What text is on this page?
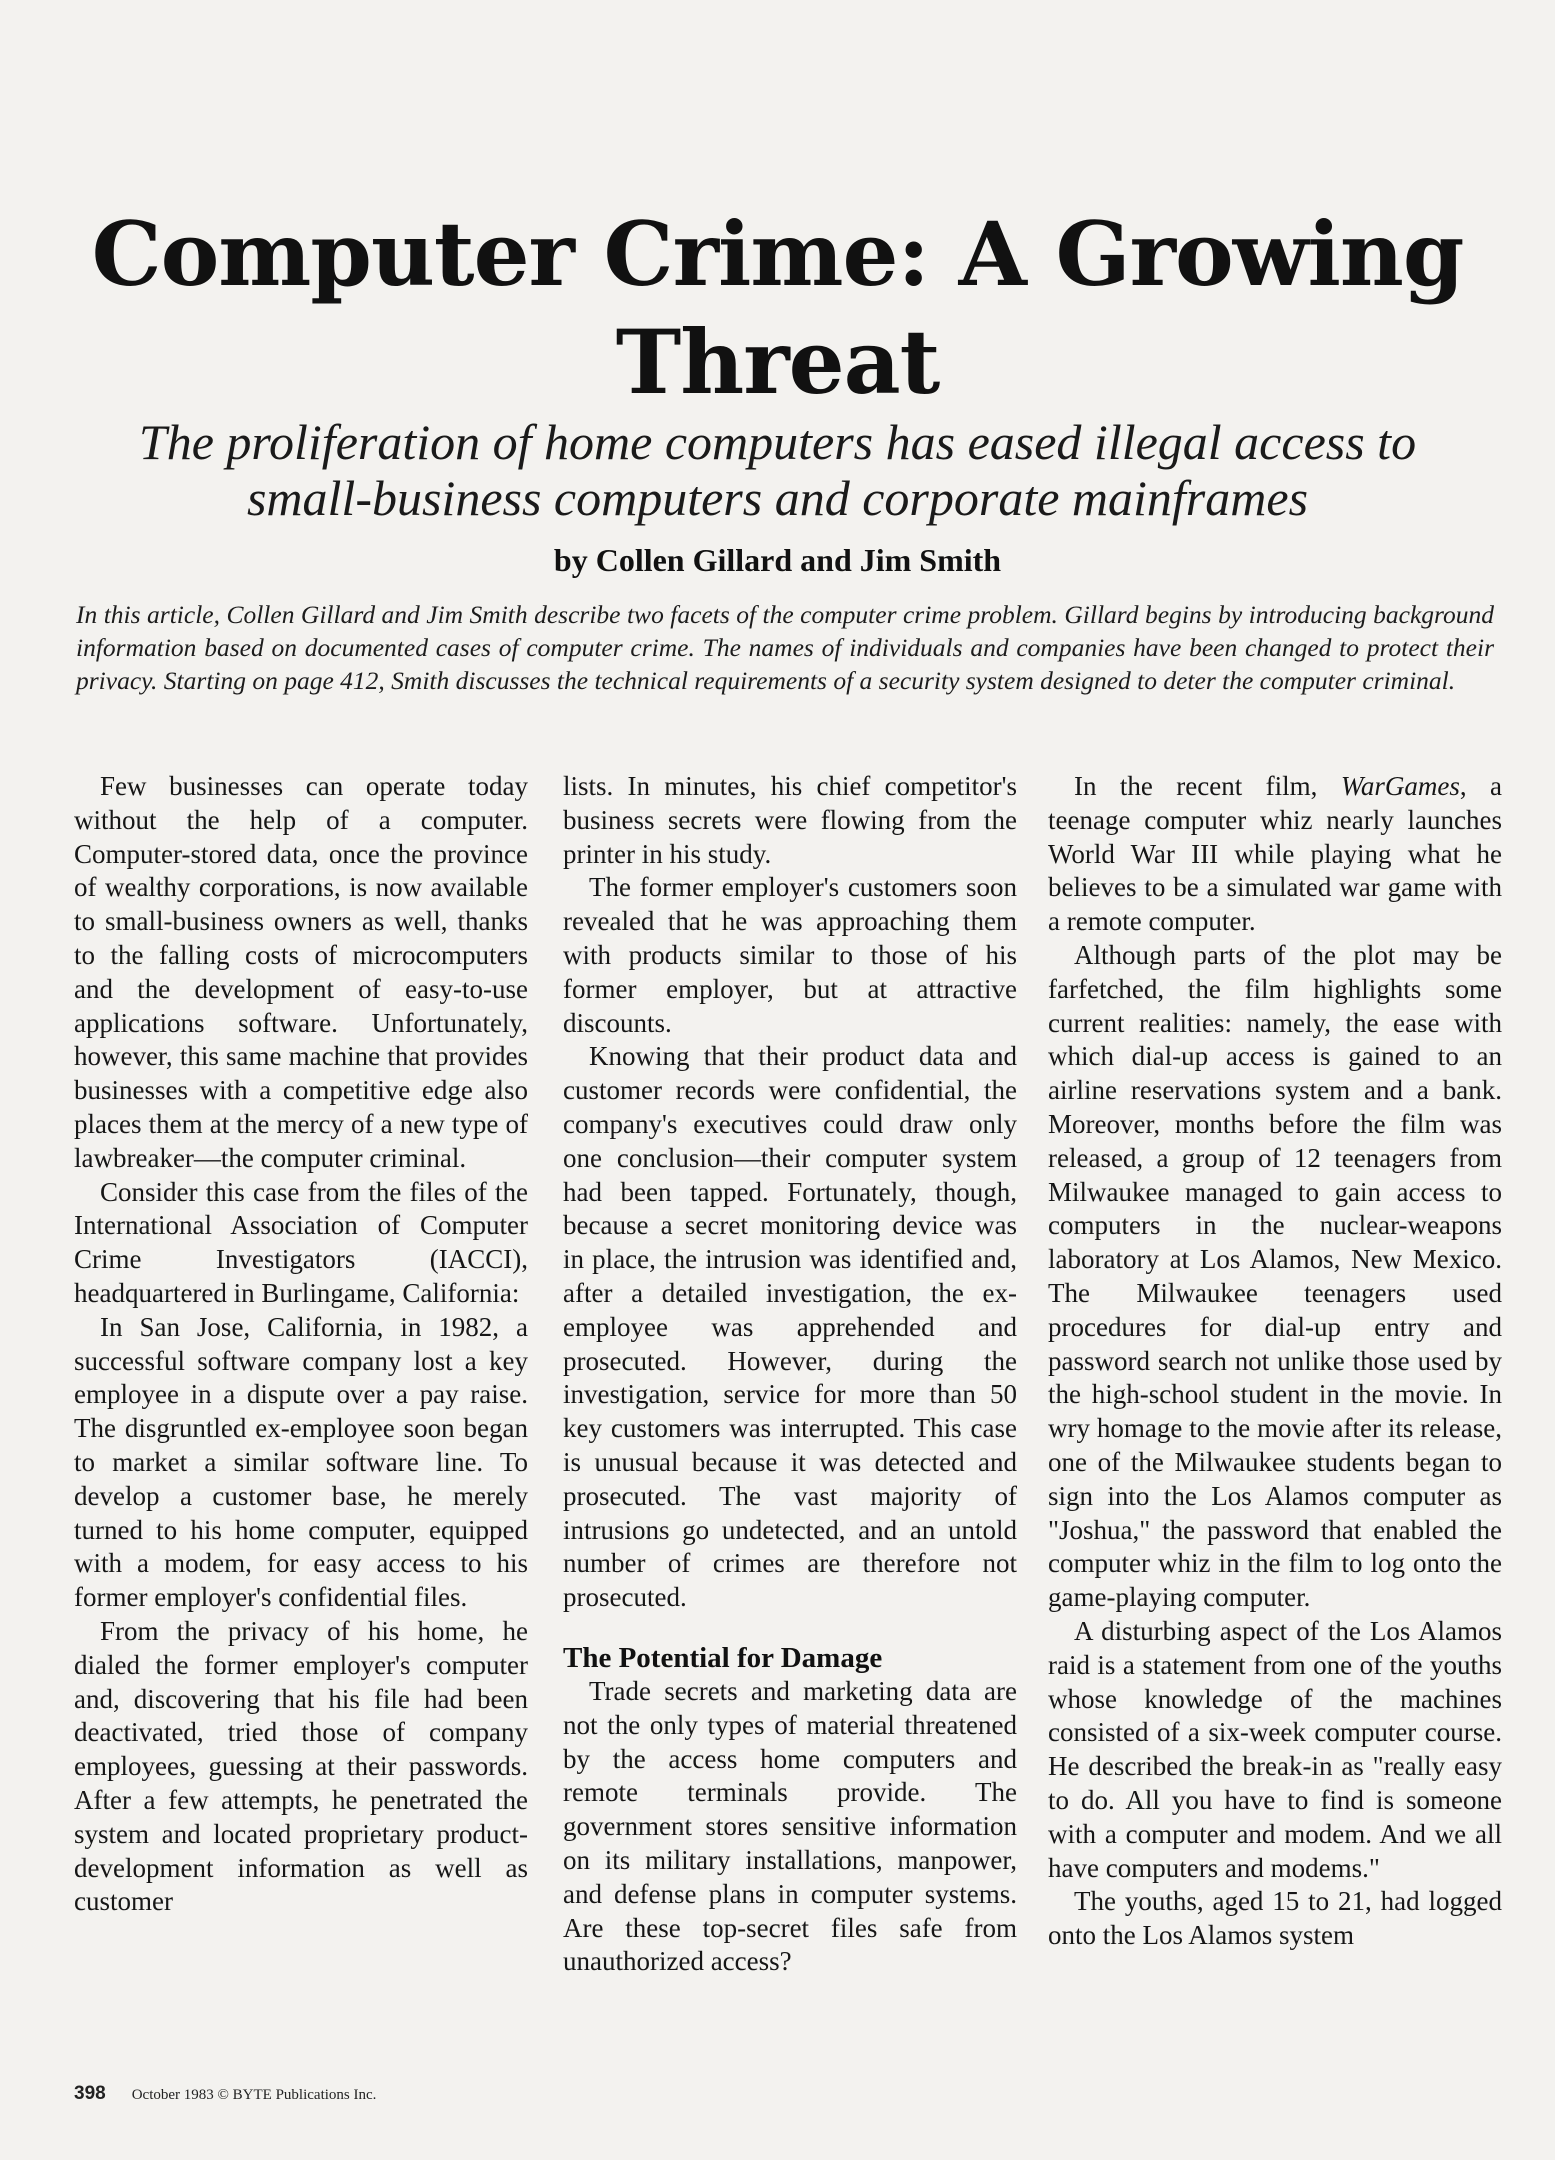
Computer Crime: A Growing Threat

The proliferation of home computers has eased illegal access to small-business computers and corporate mainframes

by Collen Gillard and Jim Smith

In this article, Collen Gillard and Jim Smith describe two facets of the computer crime problem. Gillard begins by introducing background information based on documented cases of computer crime. The names of individuals and companies have been changed to protect their privacy. Starting on page 412, Smith discusses the technical requirements of a security system designed to deter the computer criminal.

Few businesses can operate today without the help of a computer. Computer-stored data, once the province of wealthy corporations, is now available to small-business owners as well, thanks to the falling costs of microcomputers and the development of easy-to-use applications software. Unfortunately, however, this same machine that provides businesses with a competitive edge also places them at the mercy of a new type of lawbreaker—the computer criminal.

Consider this case from the files of the International Association of Computer Crime Investigators (IACCI), headquartered in Burlingame, California:

In San Jose, California, in 1982, a successful software company lost a key employee in a dispute over a pay raise. The disgruntled ex-employee soon began to market a similar software line. To develop a customer base, he merely turned to his home computer, equipped with a modem, for easy access to his former employer's confidential files.

From the privacy of his home, he dialed the former employer's computer and, discovering that his file had been deactivated, tried those of company employees, guessing at their passwords. After a few attempts, he penetrated the system and located proprietary product-development information as well as customer

lists. In minutes, his chief competitor's business secrets were flowing from the printer in his study.

The former employer's customers soon revealed that he was approaching them with products similar to those of his former employer, but at attractive discounts.

Knowing that their product data and customer records were confidential, the company's executives could draw only one conclusion—their computer system had been tapped. Fortunately, though, because a secret monitoring device was in place, the intrusion was identified and, after a detailed investigation, the ex-employee was apprehended and prosecuted. However, during the investigation, service for more than 50 key customers was interrupted. This case is unusual because it was detected and prosecuted. The vast majority of intrusions go undetected, and an untold number of crimes are therefore not prosecuted.

The Potential for Damage

Trade secrets and marketing data are not the only types of material threatened by the access home computers and remote terminals provide. The government stores sensitive information on its military installations, manpower, and defense plans in computer systems. Are these top-secret files safe from unauthorized access?

In the recent film, WarGames, a teenage computer whiz nearly launches World War III while playing what he believes to be a simulated war game with a remote computer.

Although parts of the plot may be farfetched, the film highlights some current realities: namely, the ease with which dial-up access is gained to an airline reservations system and a bank. Moreover, months before the film was released, a group of 12 teenagers from Milwaukee managed to gain access to computers in the nuclear-weapons laboratory at Los Alamos, New Mexico. The Milwaukee teenagers used procedures for dial-up entry and password search not unlike those used by the high-school student in the movie. In wry homage to the movie after its release, one of the Milwaukee students began to sign into the Los Alamos computer as "Joshua," the password that enabled the computer whiz in the film to log onto the game-playing computer.

A disturbing aspect of the Los Alamos raid is a statement from one of the youths whose knowledge of the machines consisted of a six-week computer course. He described the break-in as "really easy to do. All you have to find is someone with a computer and modem. And we all have computers and modems."

The youths, aged 15 to 21, had logged onto the Los Alamos system

398 October 1983 © BYTE Publications Inc.
